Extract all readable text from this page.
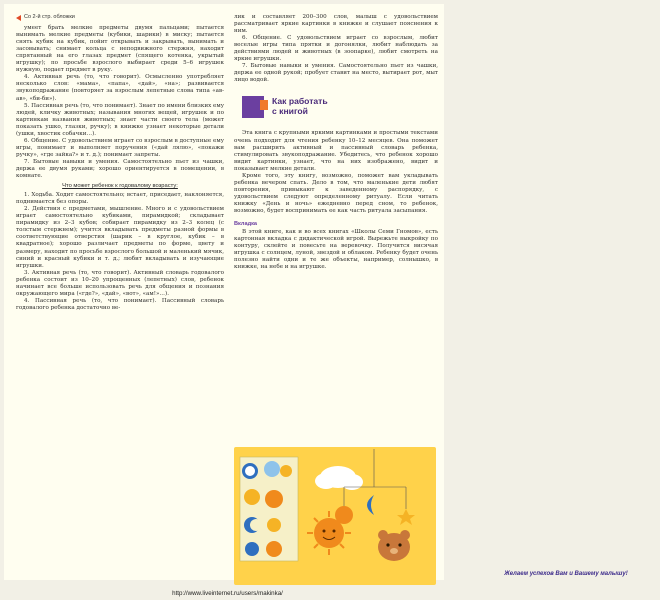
Со 2-й стр. обложки

умеет брать мелкие предметы двумя пальцами; пытается вынимать мелкие предметы (кубики, шарики) в миску; пытается снять кубик на кубик, пойит открывать и закрывать, вынимать и засовывать; снимает кольца с неподвижного стержня, находит спрятанный на его глазах предмет (спящего котенка, укрытый игрушку); по просьбе взрослого выбирает среди 5–6 игрушек нужную, подает предмет в руку.

4. Активная речь (то, что говорит). Осмысленно употребляет несколько слов: «мама», «папа», «дай», «на»; развивается звукоподражание (повторяет за взрослым лепетные слова типа «ав-ав», «би-би»).

5. Пассивная речь (то, что понимает). Знает по имени близких ему людей, кличку животных; называния многих вещей, игрушек и по картинкам названия животных; знает части своего тела (может показать ушко, глазки, ручку); в книжке узнает некоторые детали (ушки, хвостик собачки…).

6. Общение. С удовольствием играет со взрослым в доступные ему игры, понимает и выполняет поручения («дай лялю», «покажи ручку», «где зайка?» и т. д.); понимает запреты.

7. Бытовые навыки и умения. Самостоятельно пьет из чашки, держа ее двумя руками; хорошо ориентируется в помещении, в комнате.

Что может ребенок к годовалому возрасту:

1. Ходьба. Ходит самостоятельно; встает, приседает, наклоняется, поднимается без опоры.

2. Действия с предметами, мышление. Много и с удовольствием играет самостоятельно кубиками, пирамидкой; складывает пирамидку из 2–3 кубов; собирает пирамидку из 2–3 колец (с толстым стержнем); учится вкладывать предметы разной формы в соответствующие отверстия (шарик – в круглое, кубик – в квадратное); хорошо различает предметы по форме, цвету и размеру, находит по просьбе взрослого большой и маленький мячик, синий и красный кубики и т. д.; любит вкладывать и изучающие игрушки.

3. Активная речь (то, что говорит). Активный словарь годовалого ребенка состоит из 10–20 упрощенных (лепетных) слов, ребенок начинает все больше использовать речь для общения и познания окружающего мира («где?», «дай», «вот», «ам!»…).

4. Пассивная речь (то, что понимает). Пассивный словарь годовалого ребенка достаточно ве-

лик и составляет 200–300 слов, малыш с удовольствием рассматривает яркие картинки в книжке и слушает пояснения к ним.

6. Общение. С удовольствием играет со взрослым, любит веселые игры типа прятки и догонялки, любит наблюдать за действиями людей и животных (в зоопарке), любит смотреть на яркие игрушки.

7. Бытовые навыки и умения. Самостоятельно пьет из чашки, держа ее одной рукой; пробует ставит на место, вытирает рот, мыт лицо водой.

Как работать
с книгой

Эта книга с крупными яркими картинками и простыми текстами очень подходит для чтения ребенку 10–12 месяцев. Она поможет вам расширить активный и пассивный словарь ребенка, стимулировать звукоподражание. Убедитесь, что ребенок хорошо видит картинки, узнает, что на них изображено, видит и показывает мелкие детали.

Кроме того, эту книгу, возможно, поможет вам укладывать ребенка вечером спать. Дело в том, что маленькие дети любят повторения, привыкают к заведенному распорядку, с удовольствием следуют определенному ритуалу. Если читать книжку «День и ночь» ежедневно перед сном, то ребенок, возможно, будет воспринимать ее как часть ритуала засыпания.

Вкладка

В этой книге, как и во всех книгах «Школы Семи Гномов», есть картонная вкладка с дидактической игрой. Вырежьте выкройку по контуру, склейте и повесьте на веревочку. Получится висячая игрушка с солнцем, луной, звездой и облаком. Ребенку будет очень полезно найти одни и те же объекты, например, солнышко, в книжке, на небе и на игрушке.

Желаем успехов Вам и Вашему малышу!
http://www.liveinternet.ru/users/makinka/
